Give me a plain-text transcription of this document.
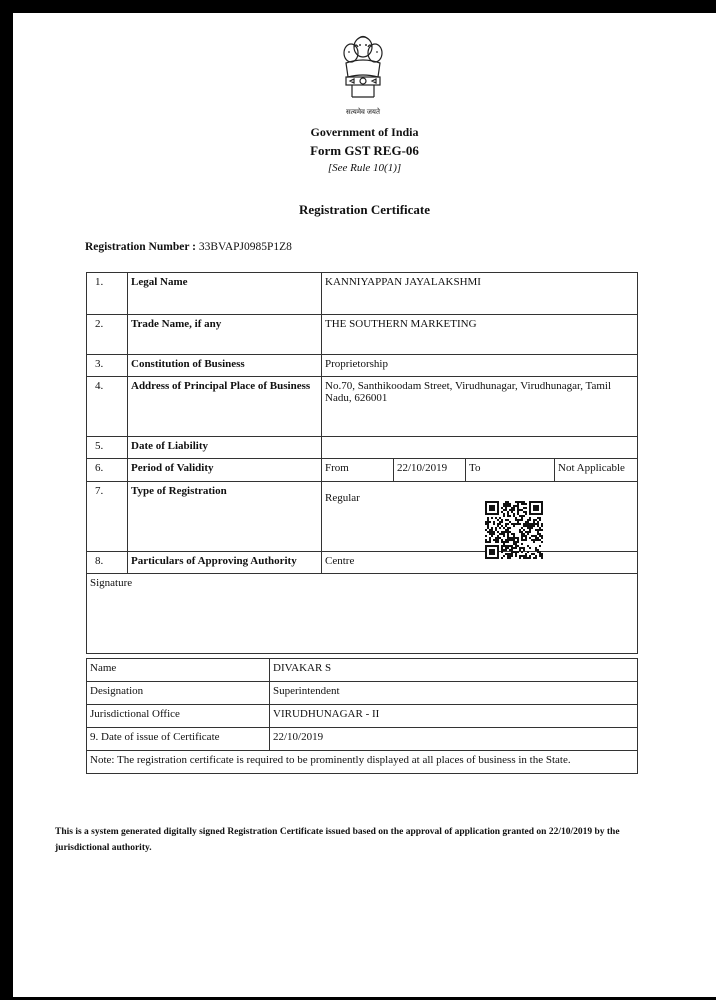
सत्यमेव जयते
Government of India
Form GST REG-06
[See Rule 10(1)]
Registration Certificate
Registration Number : 33BVAPJ0985P1Z8
1.	Legal Name	KANNIYAPPAN JAYALAKSHMI
2.	Trade Name, if any	THE SOUTHERN MARKETING
3.	Constitution of Business	Proprietorship
4.	Address of Principal Place of Business	No.70, Santhikoodam Street, Virudhunagar, Virudhunagar, Tamil Nadu, 626001
5.	Date of Liability	
6.	Period of Validity		From	22/10/2019	To	Not Applicable

7.	Type of Registration	Regular
8.	Particulars of Approving Authority	Centre
Signature
Name	DIVAKAR S
Designation	Superintendent
Jurisdictional Office	VIRUDHUNAGAR - II
9. Date of issue of Certificate	22/10/2019
Note: The registration certificate is required to be prominently displayed at all places of business in the State.	
This is a system generated digitally signed Registration Certificate issued based on the approval of application granted on 22/10/2019 by the jurisdictional authority.
